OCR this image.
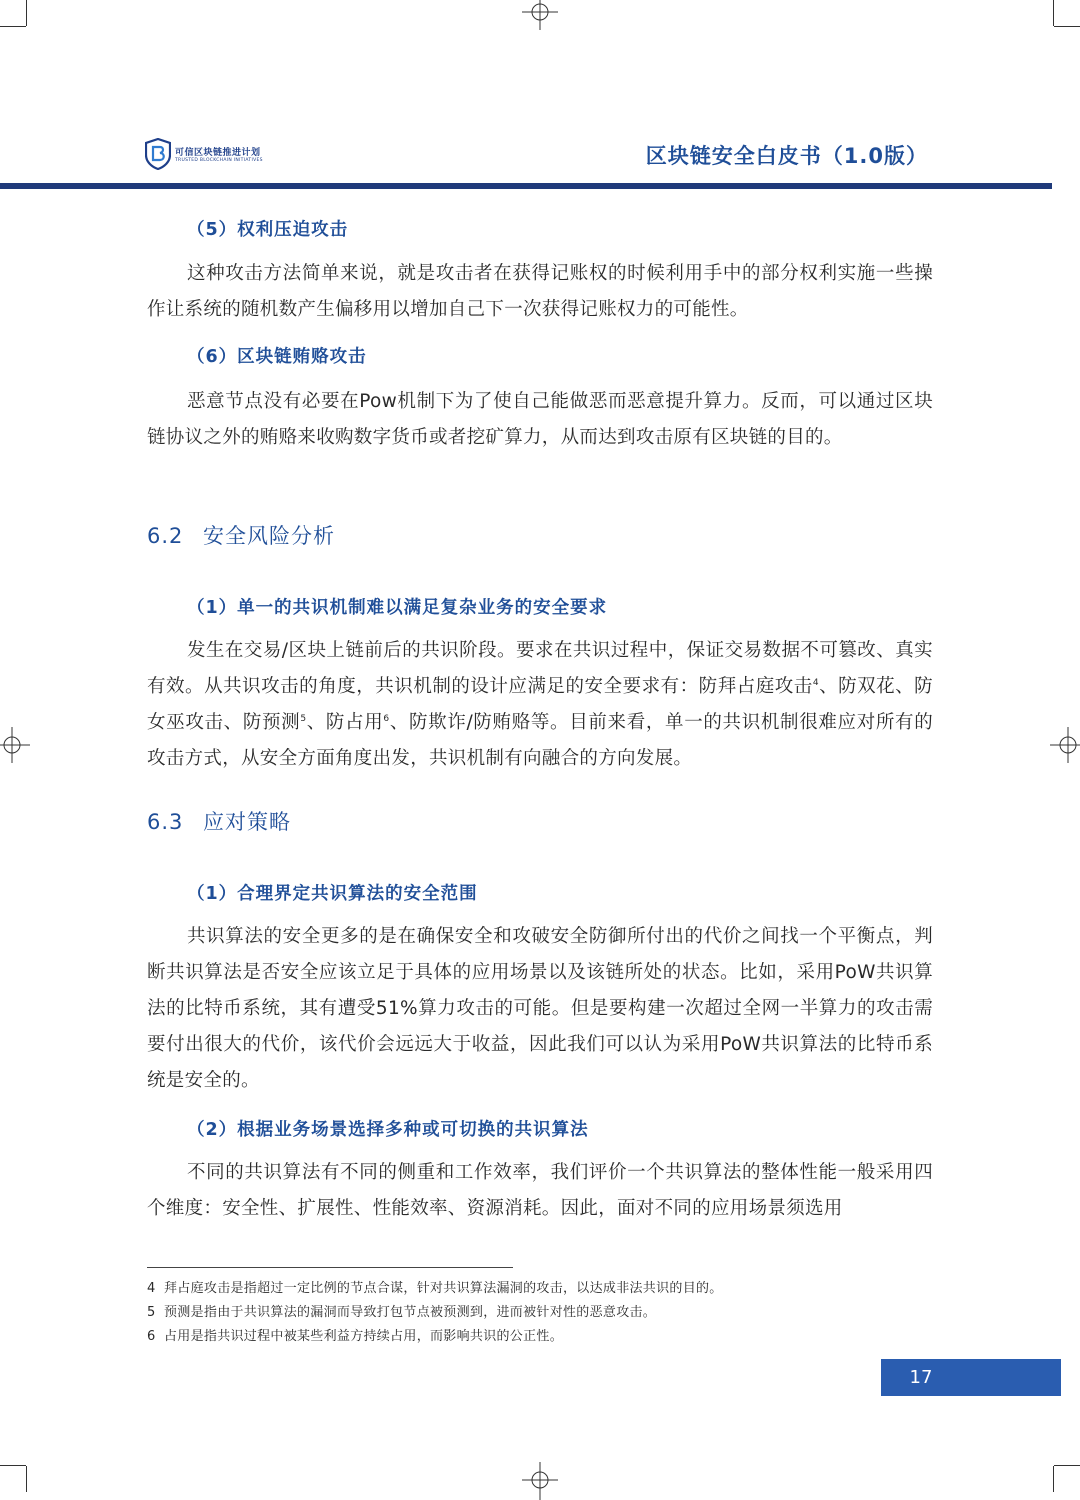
可信区块链推进计划
TRUSTED BLOCKCHAIN INITIATIVES	区块链安全白皮书（1.0版）
（5）权利压迫攻击
这种攻击方法简单来说，就是攻击者在获得记账权的时候利用手中的部分权利实施一些操作让系统的随机数产生偏移用以增加自己下一次获得记账权力的可能性。
（6）区块链贿赂攻击
恶意节点没有必要在Pow机制下为了使自己能做恶而恶意提升算力。反而，可以通过区块链协议之外的贿赂来收购数字货币或者挖矿算力，从而达到攻击原有区块链的目的。
6.2 安全风险分析
（1）单一的共识机制难以满足复杂业务的安全要求
发生在交易/区块上链前后的共识阶段。要求在共识过程中，保证交易数据不可篡改、真实有效。从共识攻击的角度，共识机制的设计应满足的安全要求有：防拜占庭攻击$^4$、防双花、防女巫攻击、防预测$^5$、防占用$^6$、防欺诈/防贿赂等。目前来看，单一的共识机制很难应对所有的攻击方式，从安全方面角度出发，共识机制有向融合的方向发展。
6.3 应对策略
（1）合理界定共识算法的安全范围
共识算法的安全更多的是在确保安全和攻破安全防御所付出的代价之间找一个平衡点，判断共识算法是否安全应该立足于具体的应用场景以及该链所处的状态。比如，采用PoW共识算法的比特币系统，其有遭受51%算力攻击的可能。但是要构建一次超过全网一半算力的攻击需要付出很大的代价，该代价会远远大于收益，因此我们可以认为采用PoW共识算法的比特币系统是安全的。
（2）根据业务场景选择多种或可切换的共识算法
不同的共识算法有不同的侧重和工作效率，我们评价一个共识算法的整体性能一般采用四个维度：安全性、扩展性、性能效率、资源消耗。因此，面对不同的应用场景须选用
4 拜占庭攻击是指超过一定比例的节点合谋，针对共识算法漏洞的攻击，以达成非法共识的目的。
5 预测是指由于共识算法的漏洞而导致打包节点被预测到，进而被针对性的恶意攻击。
6 占用是指共识过程中被某些利益方持续占用，而影响共识的公正性。
17
